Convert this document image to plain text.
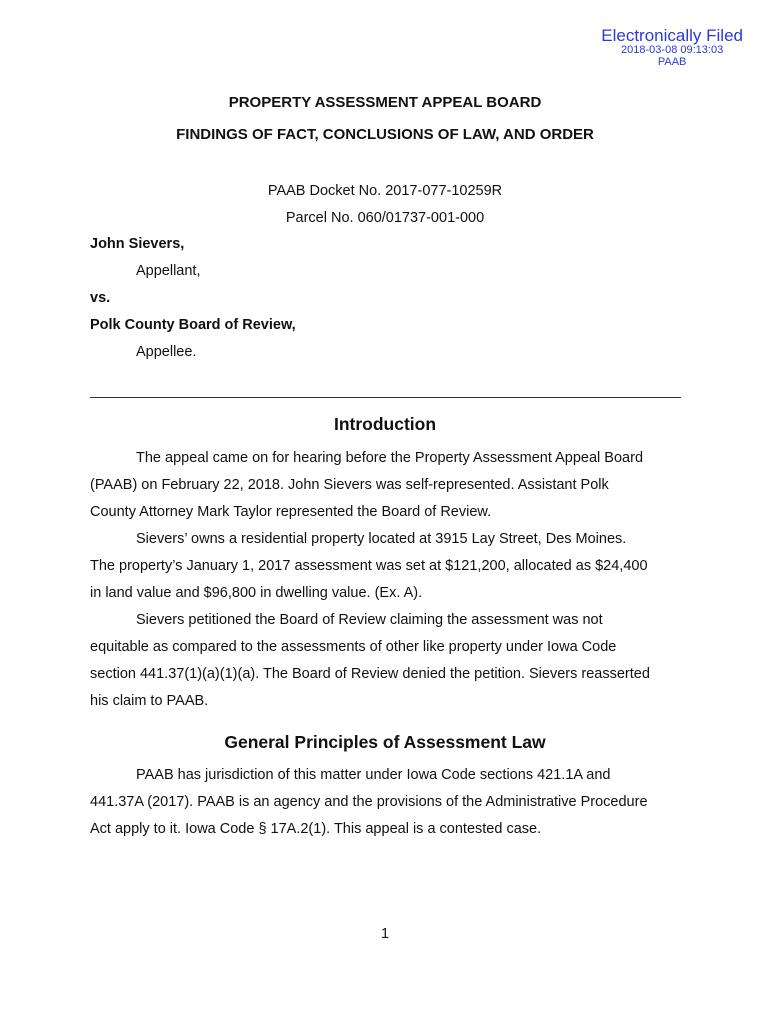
Electronically Filed
2018-03-08 09:13:03
PAAB
PROPERTY ASSESSMENT APPEAL BOARD
FINDINGS OF FACT, CONCLUSIONS OF LAW, AND ORDER
PAAB Docket No. 2017-077-10259R
Parcel No. 060/01737-001-000
John Sievers,
Appellant,
vs.
Polk County Board of Review,
Appellee.
Introduction
The appeal came on for hearing before the Property Assessment Appeal Board
(PAAB) on February 22, 2018. John Sievers was self-represented. Assistant Polk
County Attorney Mark Taylor represented the Board of Review.
Sievers’ owns a residential property located at 3915 Lay Street, Des Moines.
The property’s January 1, 2017 assessment was set at $121,200, allocated as $24,400
in land value and $96,800 in dwelling value. (Ex. A).
Sievers petitioned the Board of Review claiming the assessment was not
equitable as compared to the assessments of other like property under Iowa Code
section 441.37(1)(a)(1)(a). The Board of Review denied the petition. Sievers reasserted
his claim to PAAB.
General Principles of Assessment Law
PAAB has jurisdiction of this matter under Iowa Code sections 421.1A and
441.37A (2017). PAAB is an agency and the provisions of the Administrative Procedure
Act apply to it. Iowa Code § 17A.2(1). This appeal is a contested case.
1
